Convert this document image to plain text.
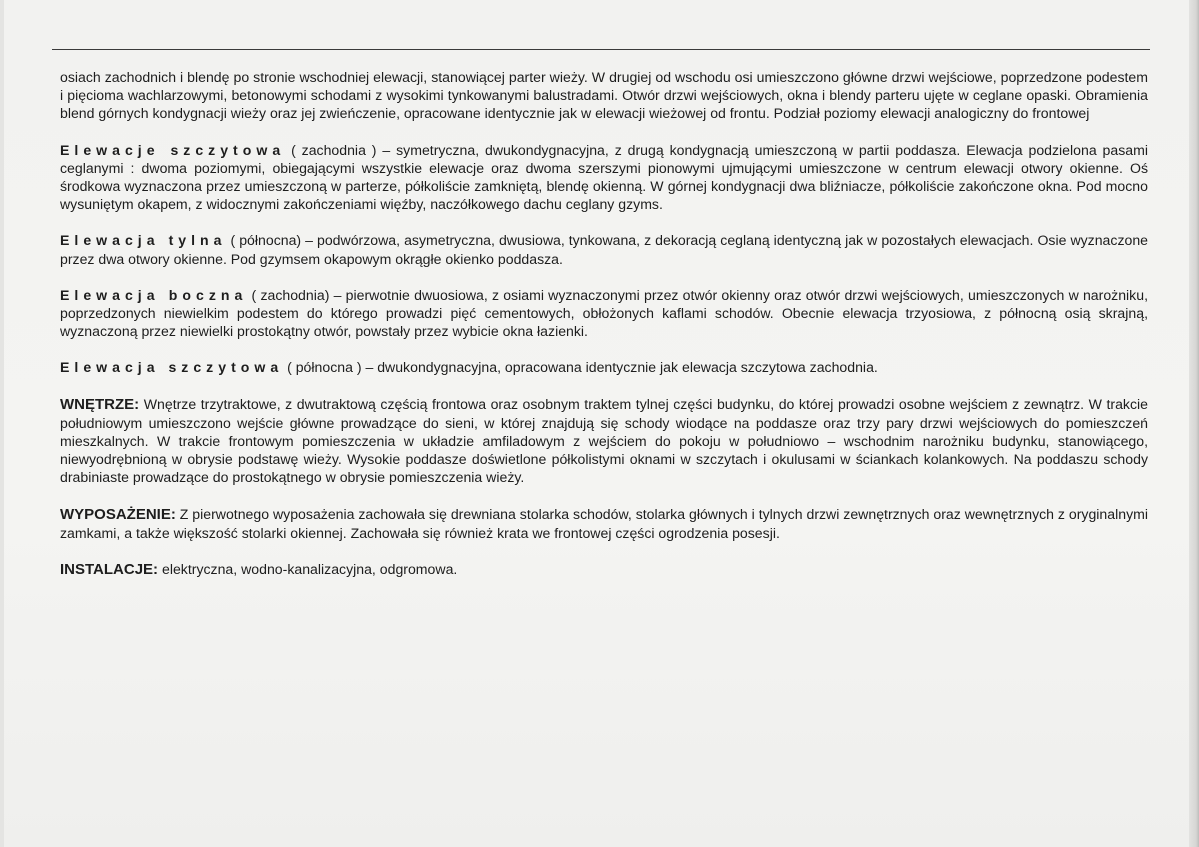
osiach zachodnich i blendę po stronie wschodniej elewacji, stanowiącej parter wieży. W drugiej od wschodu osi umieszczono główne drzwi wejściowe, poprzedzone podestem i pięcioma wachlarzowymi, betonowymi schodami z wysokimi tynkowanymi balustradami. Otwór drzwi wejściowych, okna i blendy parteru ujęte w ceglane opaski. Obramienia blend górnych kondygnacji wieży oraz jej zwieńczenie, opracowane identycznie jak w elewacji wieżowej od frontu. Podział poziomy elewacji analogiczny do frontowej

Elewacje szczytowa ( zachodnia ) – symetryczna, dwukondygnacyjna, z drugą kondygnacją umieszczoną w partii poddasza. Elewacja podzielona pasami ceglanymi : dwoma poziomymi, obiegającymi wszystkie elewacje oraz dwoma szerszymi pionowymi ujmującymi umieszczone w centrum elewacji otwory okienne. Oś środkowa wyznaczona przez umieszczoną w parterze, półkoliście zamkniętą, blendę okienną. W górnej kondygnacji dwa bliźniacze, półkoliście zakończone okna. Pod mocno wysuniętym okapem, z widocznymi zakończeniami więźby, naczółkowego dachu ceglany gzyms.

Elewacja tylna ( północna) – podwórzowa, asymetryczna, dwusiowa, tynkowana, z dekoracją ceglaną identyczną jak w pozostałych elewacjach. Osie wyznaczone przez dwa otwory okienne. Pod gzymsem okapowym okrągłe okienko poddasza.

Elewacja boczna ( zachodnia) – pierwotnie dwuosiowa, z osiami wyznaczonymi przez otwór okienny oraz otwór drzwi wejściowych, umieszczonych w narożniku, poprzedzonych niewielkim podestem do którego prowadzi pięć cementowych, obłożonych kaflami schodów. Obecnie elewacja trzyosiowa, z północną osią skrajną, wyznaczoną przez niewielki prostokątny otwór, powstały przez wybicie okna łazienki.

Elewacja szczytowa ( północna ) – dwukondygnacyjna, opracowana identycznie jak elewacja szczytowa zachodnia.

WNĘTRZE: Wnętrze trzytraktowe, z dwutraktową częścią frontowa oraz osobnym traktem tylnej części budynku, do której prowadzi osobne wejściem z zewnątrz. W trakcie południowym umieszczono wejście główne prowadzące do sieni, w której znajdują się schody wiodące na poddasze oraz trzy pary drzwi wejściowych do pomieszczeń mieszkalnych. W trakcie frontowym pomieszczenia w układzie amfiladowym z wejściem do pokoju w południowo – wschodnim narożniku budynku, stanowiącego, niewyodrębnioną w obrysie podstawę wieży. Wysokie poddasze doświetlone półkolistymi oknami w szczytach i okulusami w ściankach kolankowych. Na poddaszu schody drabiniaste prowadzące do prostokątnego w obrysie pomieszczenia wieży.

WYPOSAŻENIE: Z pierwotnego wyposażenia zachowała się drewniana stolarka schodów, stolarka głównych i tylnych drzwi zewnętrznych oraz wewnętrznych z oryginalnymi zamkami, a także większość stolarki okiennej. Zachowała się również krata we frontowej części ogrodzenia posesji.

INSTALACJE: elektryczna, wodno-kanalizacyjna, odgromowa.
